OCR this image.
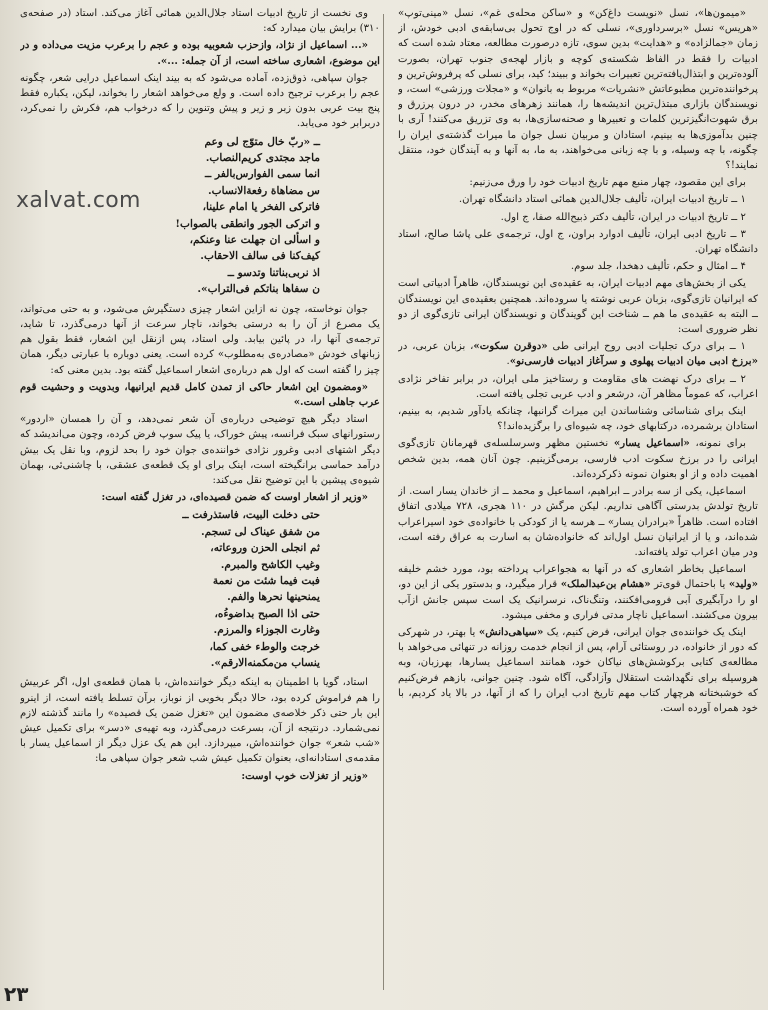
xalvat.com
۲۳

«میمون‌ها»، نسل «نویست داغ‌کن» و «ساکن محله‌ی غم»، نسل «مینی‌توپ» «هریس» نسل «برسرداوری»، نسلی که در اوج تحول بی‌سابقه‌ی ادبی خودش، از زمان «جمالزاده» و «هدایت» بدین سوی، تازه درصورت مطالعه، معتاد شده است که ادبیات را فقط در الفاظ شکسته‌ی کوچه و بازار لهجه‌ی جنوب تهران، بصورت آلوده‌ترین و ابتذال‌یافته‌ترین تعبیرات بخواند و ببیند؛ کید، برای نسلی که پرفروش‌ترین و پرخواننده‌ترین مطبوعاتش «نشریات» مربوط به بانوان» و «مجلات ورزشی» است، و نویسندگان بازاری مبتذل‌ترین اندیشه‌ها را، همانند زهرهای مخدر، در درون پرزرق و برق شهوت‌انگیزترین کلمات و تعبیرها و صحنه‌سازی‌ها، به وی تزریق می‌کنند! آری با چنین بدآموزی‌ها به بینیم، استادان و مربیان نسل جوان ما میراث گذشته‌ی ایران را چگونه، با چه وسیله، و با چه زبانی می‌خواهند، به ما، به آنها و به آیندگان خود، منتقل نمایند!؟

برای این مقصود، چهار منبع مهم تاریخ ادبیات خود را ورق می‌زنیم:

۱ ــ تاریخ ادبیات ایران، تألیف جلال‌الدین همائی استاد دانشگاه تهران.

۲ ــ تاریخ ادبیات در ایران، تألیف دکتر ذبیح‌الله صفا، ج اول.

۳ ــ تاریخ ادبی ایران، تألیف ادوارد براون، ج اول، ترجمه‌ی علی پاشا صالح، استاد دانشگاه تهران.

۴ ــ امثال و حکم، تألیف دهخدا، جلد سوم.

یکی از بخش‌های مهم ادبیات ایران، به عقیده‌ی این نویسندگان، ظاهراً ادبیاتی است که ایرانیان تازی‌گوی، بزبان عربی نوشته یا سروده‌اند. همچنین بعقیده‌ی این نویسندگان ــ البته به عقیده‌ی ما هم ــ شناخت این گویندگان و نویسندگان ایرانی تازی‌گوی از دو نظر ضروری است:

۱ ــ برای درک تجلیات ادبی روح ایرانی طی «دوقرن سکوت»، بزبان عربی، در «برزخ ادبی میان ادبیات پهلوی و سرآغاز ادبیات فارسی‌نو».

۲ ــ برای درک نهضت های مقاومت و رستاخیز ملی ایران، در برابر تفاخر نژادی اعراب، که عموماً مظاهر آن، درشعر و ادب عربی تجلی یافته است.

اینک برای شناسائی وشناساندن این میراث گرانبها، چنانکه یادآور شدیم، به بینیم، استادان برشمرده، درکتابهای خود، چه شیوه‌ای را برگزیده‌اند!؟

برای نمونه، «اسماعیل یسار» نخستین مظهر وسرسلسله‌ی قهرمانان تازی‌گوی ایرانی را در برزخ سکوت ادب فارسی، برمی‌گزینیم. چون آنان همه، بدین شخص اهمیت داده و از او بعنوان نمونه ذکرکرده‌اند.

اسماعیل، یکی از سه برادر ــ ابراهیم، اسماعیل و محمد ــ از خاندان یسار است. از تاریخ تولدش بدرستی آگاهی نداریم. لیکن مرگش در ۱۱۰ هجری، ۷۲۸ میلادی اتفاق افتاده است. ظاهراً «برادران یسار» ــ هرسه یا از کودکی با خانواده‌ی خود اسیراعراب شده‌اند، و یا از ایرانیان نسل اول‌اند که خانواده‌شان به اسارت به عراق رفته است، ودر میان اعراب تولد یافته‌اند.

اسماعیل بخاطر اشعاری که در آنها به هجواعراب پرداخته بود، مورد خشم خلیفه «ولید» یا باحتمال قوی‌تر «هشام بن‌عبدالملک» قرار میگیرد، و بدستور یکی از این دو، او را درآبگیری آبی فرومی‌افکنند، وتنگ‌ناک، نرسرانیک یک است سپس جانش ازآب بیرون می‌کشند. اسماعیل ناچار مدتی فراری و مخفی میشود.

اینک یک خواننده‌ی جوان ایرانی، فرض کنیم، یک «سیاهی‌دانش» یا بهتر، در شهرکی که دور از خانواده، در روستائی آرام، پس از انجام خدمت روزانه در تنهائی می‌خواهد با مطالعه‌ی کتابی برکوشش‌های نیاکان خود، همانند اسماعیل یسارها، بهرزبان، وبه هروسیله برای نگهداشت استقلال وآزادگی، آگاه شود. چنین جوانی، بازهم فرض‌کنیم که خوشبختانه هرچهار کتاب مهم تاریخ ادب ایران را که از آنها، در بالا یاد کردیم، با خود همراه آورده است.

وی نخست از تاریخ ادبیات استاد جلال‌الدین همائی آغاز می‌کند. استاد (در صفحه‌ی ۳۱۰) برایش بیان میدارد که:

«... اسماعیل از نژاد، وازحزب شعوبیه بوده و عجم را برعرب مزیت می‌داده و در این موضوع، اشعاری ساخته است، از آن جمله: ...».

جوان سپاهی، ذوق‌زده، آماده می‌شود که به بیند اینک اسماعیل درایی شعر، چگونه عجم را برعرب ترجیح داده است. و ولع می‌خواهد اشعار را بخواند، لیکن، یکباره فقط پنج بیت عربی بدون زبر و زیر و پیش وتنوین را که درخواب هم، فکرش را نمی‌کرد، دربرابر خود می‌یابد.

ــ «ربّ خال متوّج لی وعم
ماجد مجتدی کریم‌النصاب.
انما سمی الفوارس‌بالفر ــ
س مضاهاة رفعة‌الانساب.
فاترکی الفخر یا امام علینا،
و اترکی الجور وانطقی بالصواب!
و اسألی ان جهلت عنا وعنکم،
کیف‌کنا فی سالف الاحقاب.
اذ نربی‌بناتنا وتدسو ــ
ن سفاها بناتکم فی‌التراب».

جوان نوخاسته، چون نه ازاین اشعار چیزی دستگیرش می‌شود، و به حتی می‌تواند، یک مصرع از آن را به درستی بخواند، ناچار سرعت از آنها درمی‌گذرد، تا شاید، ترجمه‌ی آنها را، در پائین بیابد. ولی استاد، پس ازنقل این اشعار، فقط بقول هم زبانهای خودش «مصادره‌ی به‌مطلوب» کرده است. یعنی دوباره با عبارتی دیگر، همان چیز را گفته است که اول هم درباره‌ی اشعار اسماعیل گفته بود. بدین معنی که:

«ومضمون این اشعار حاکی از تمدن کامل قدیم ایرانیها، وبدویت و وحشیت قوم عرب جاهلی است.»

استاد دیگر هیچ توضیحی درباره‌ی آن شعر نمی‌دهد، و آن را همسان «اردور» رستورانهای سبک فرانسه، پیش خوراک، یا پیک سوپ فرض کرده، وچون می‌اندیشد که دیگر اشتهای ادبی وغرور نژادی خواننده‌ی جوان خود را بحد لزوم، وبا نقل یک بیش درآمد حماسی برانگیخته است، اینک برای او یک قطعه‌ی عشقی، با چاشنی‌ئی، بهمان شیوه‌ی پیشین با این توضیح نقل می‌کند:

«وزیر از اشعار اوست که ضمن قصیده‌ای، در تغزل گفته است:

حتی دخلت البیت، فاستذرفت ــ
من شفق عیناک لی تسجم.
ثم انجلی الحزن وروعاته،
وغیب الکاشح والمبرم.
فبت فیما شئت من نعمة
یمنحینها نحرها والفم.
حتی اذا الصبح بداضوءُه،
وغارت الجوزاء والمرزم.
خرجت والوطء خفی کما،
ینساب من‌مکمنه‌الارقم».

استاد، گویا با اطمینان به اینکه دیگر خواننده‌اش، با همان قطعه‌ی اول، اگر عربیش را هم فراموش کرده بود، حالا دیگر بخوبی از نوباز، برآن تسلط یافته است، از اینرو این بار حتی ذکر خلاصه‌ی مضمون این «تغزل ضمن یک قصیده» را مانند گذشته لازم نمی‌شمارد. درنتیجه از آن، بسرعت درمی‌گذرد، وبه تهیه‌ی «دسر» برای تکمیل عیش «شب شعر» جوان خواننده‌اش، میپردازد. این هم یک عزل دیگر از اسماعیل یسار با مقدمه‌ی استادانه‌ای، بعنوان تکمیل عیش شب شعر جوان سپاهی ما:

«وزیر از تغزلات خوب اوست:
